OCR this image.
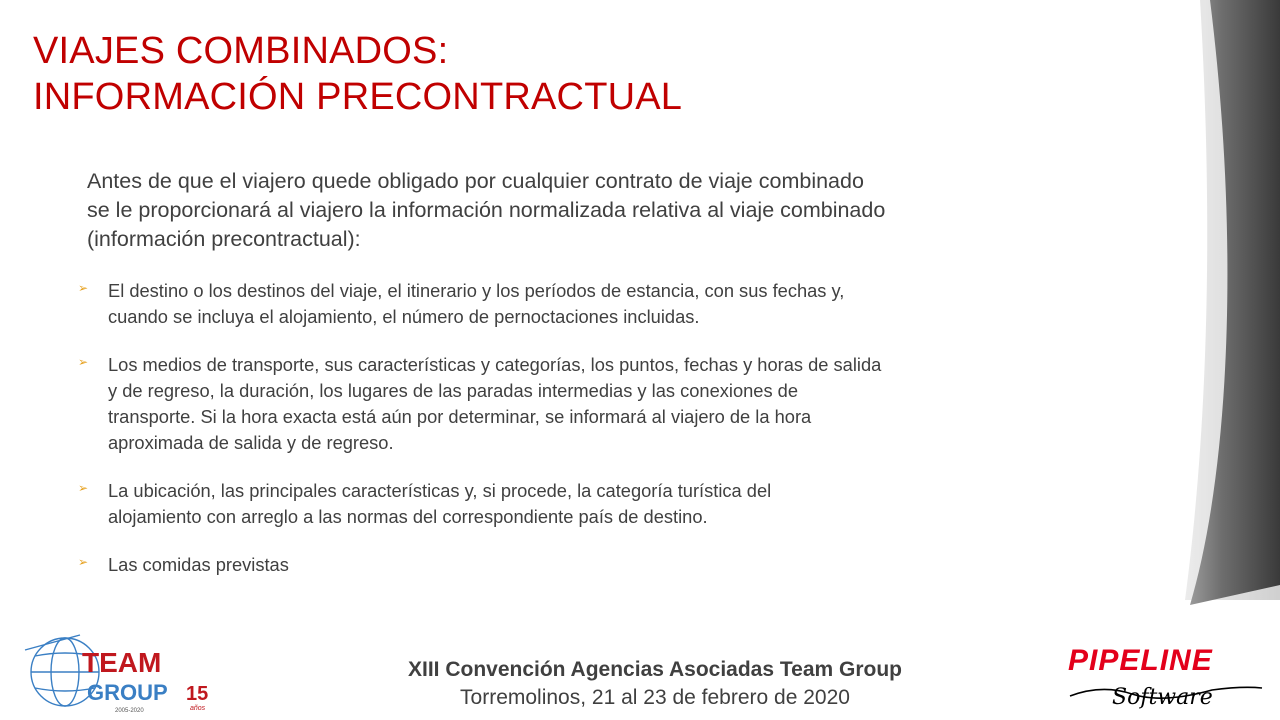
VIAJES COMBINADOS:
INFORMACIÓN PRECONTRACTUAL

Antes de que el viajero quede obligado por cualquier contrato de viaje combinado
se le proporcionará al viajero la información normalizada relativa al viaje combinado
(información precontractual):

➢ El destino o los destinos del viaje, el itinerario y los períodos de estancia, con sus fechas y,
cuando se incluya el alojamiento, el número de pernoctaciones incluidas.
➢ Los medios de transporte, sus características y categorías, los puntos, fechas y horas de salida
y de regreso, la duración, los lugares de las paradas intermedias y las conexiones de
transporte. Si la hora exacta está aún por determinar, se informará al viajero de la hora
aproximada de salida y de regreso.
➢ La ubicación, las principales características y, si procede, la categoría turística del
alojamiento con arreglo a las normas del correspondiente país de destino.
➢ Las comidas previstas
TEAM
GROUP 15
años
2005-2020
XIII Convención Agencias Asociadas Team Group
Torremolinos, 21 al 23 de febrero de 2020
PIPELINE
Software
